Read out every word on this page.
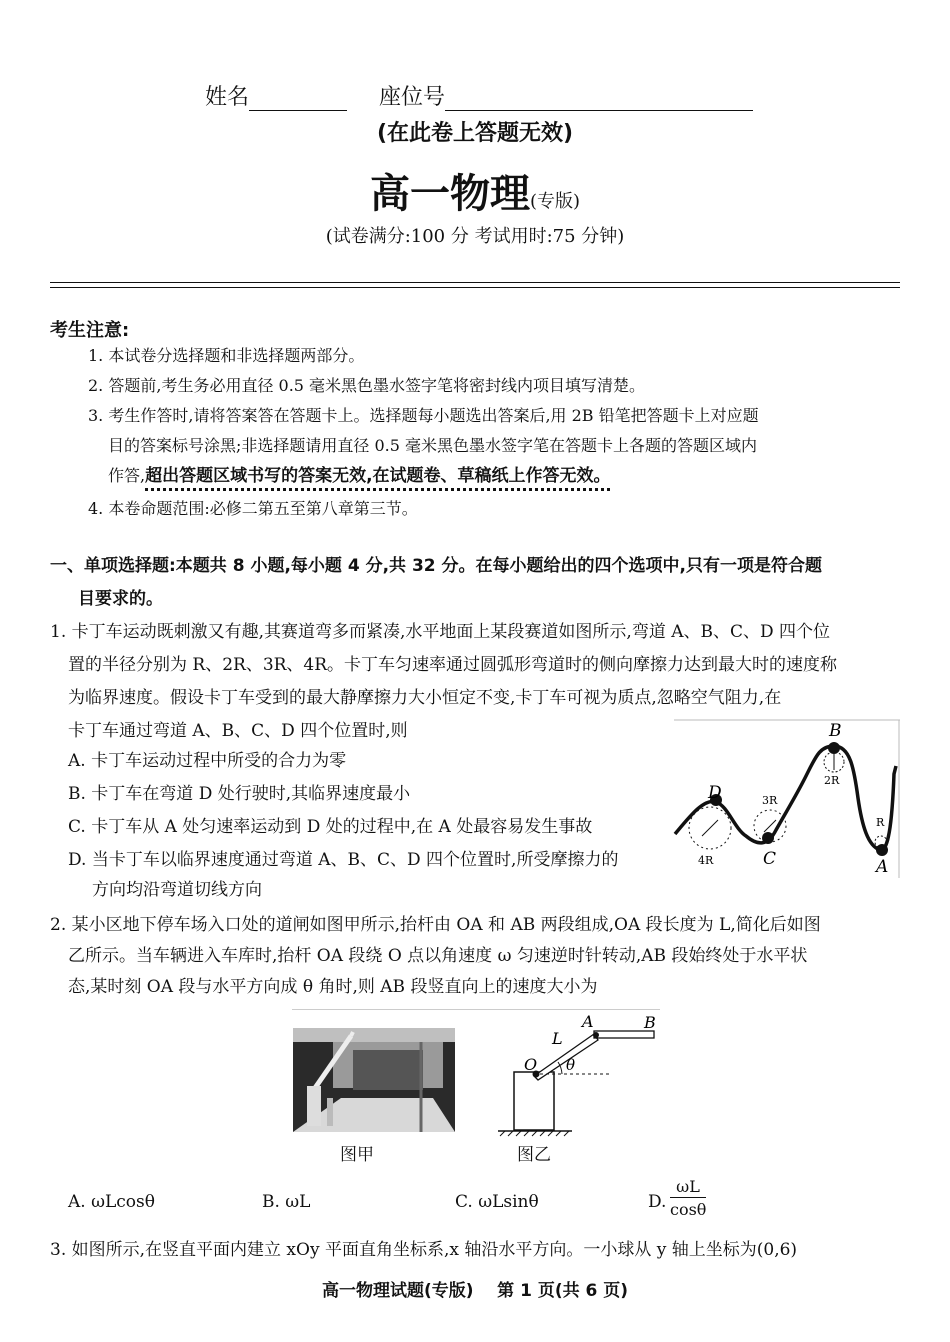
姓名	座位号
(在此卷上答题无效)
高一物理(专版)
(试卷满分:100 分 考试用时:75 分钟)
考生注意:
1. 本试卷分选择题和非选择题两部分。
2. 答题前,考生务必用直径 0.5 毫米黑色墨水签字笔将密封线内项目填写清楚。
3. 考生作答时,请将答案答在答题卡上。选择题每小题选出答案后,用 2B 铅笔把答题卡上对应题
目的答案标号涂黑;非选择题请用直径 0.5 毫米黑色墨水签字笔在答题卡上各题的答题区域内
作答,超出答题区域书写的答案无效,在试题卷、草稿纸上作答无效。
4. 本卷命题范围:必修二第五至第八章第三节。
一、单项选择题:本题共 8 小题,每小题 4 分,共 32 分。在每小题给出的四个选项中,只有一项是符合题
目要求的。
1. 卡丁车运动既刺激又有趣,其赛道弯多而紧凑,水平地面上某段赛道如图所示,弯道 A、B、C、D 四个位
置的半径分别为 R、2R、3R、4R。卡丁车匀速率通过圆弧形弯道时的侧向摩擦力达到最大时的速度称
为临界速度。假设卡丁车受到的最大静摩擦力大小恒定不变,卡丁车可视为质点,忽略空气阻力,在
卡丁车通过弯道 A、B、C、D 四个位置时,则
A. 卡丁车运动过程中所受的合力为零
B. 卡丁车在弯道 D 处行驶时,其临界速度最小
C. 卡丁车从 A 处匀速率运动到 D 处的过程中,在 A 处最容易发生事故
D. 当卡丁车以临界速度通过弯道 A、B、C、D 四个位置时,所受摩擦力的
方向均沿弯道切线方向
D
C
B
A
4R
3R
2R
R
2. 某小区地下停车场入口处的道闸如图甲所示,抬杆由 OA 和 AB 两段组成,OA 段长度为 L,简化后如图
乙所示。当车辆进入车库时,抬杆 OA 段绕 O 点以角速度 ω 匀速逆时针转动,AB 段始终处于水平状
态,某时刻 OA 段与水平方向成 θ 角时,则 AB 段竖直向上的速度大小为
图甲
O
A	B
L
θ
图乙
A. ωLcosθ	B. ωL	C. ωLsinθ	D. $\frac{\omega L}{\cos\theta}$
3. 如图所示,在竖直平面内建立 xOy 平面直角坐标系,x 轴沿水平方向。一小球从 y 轴上坐标为(0,6)
高一物理试题(专版)    第 1 页(共 6 页)
